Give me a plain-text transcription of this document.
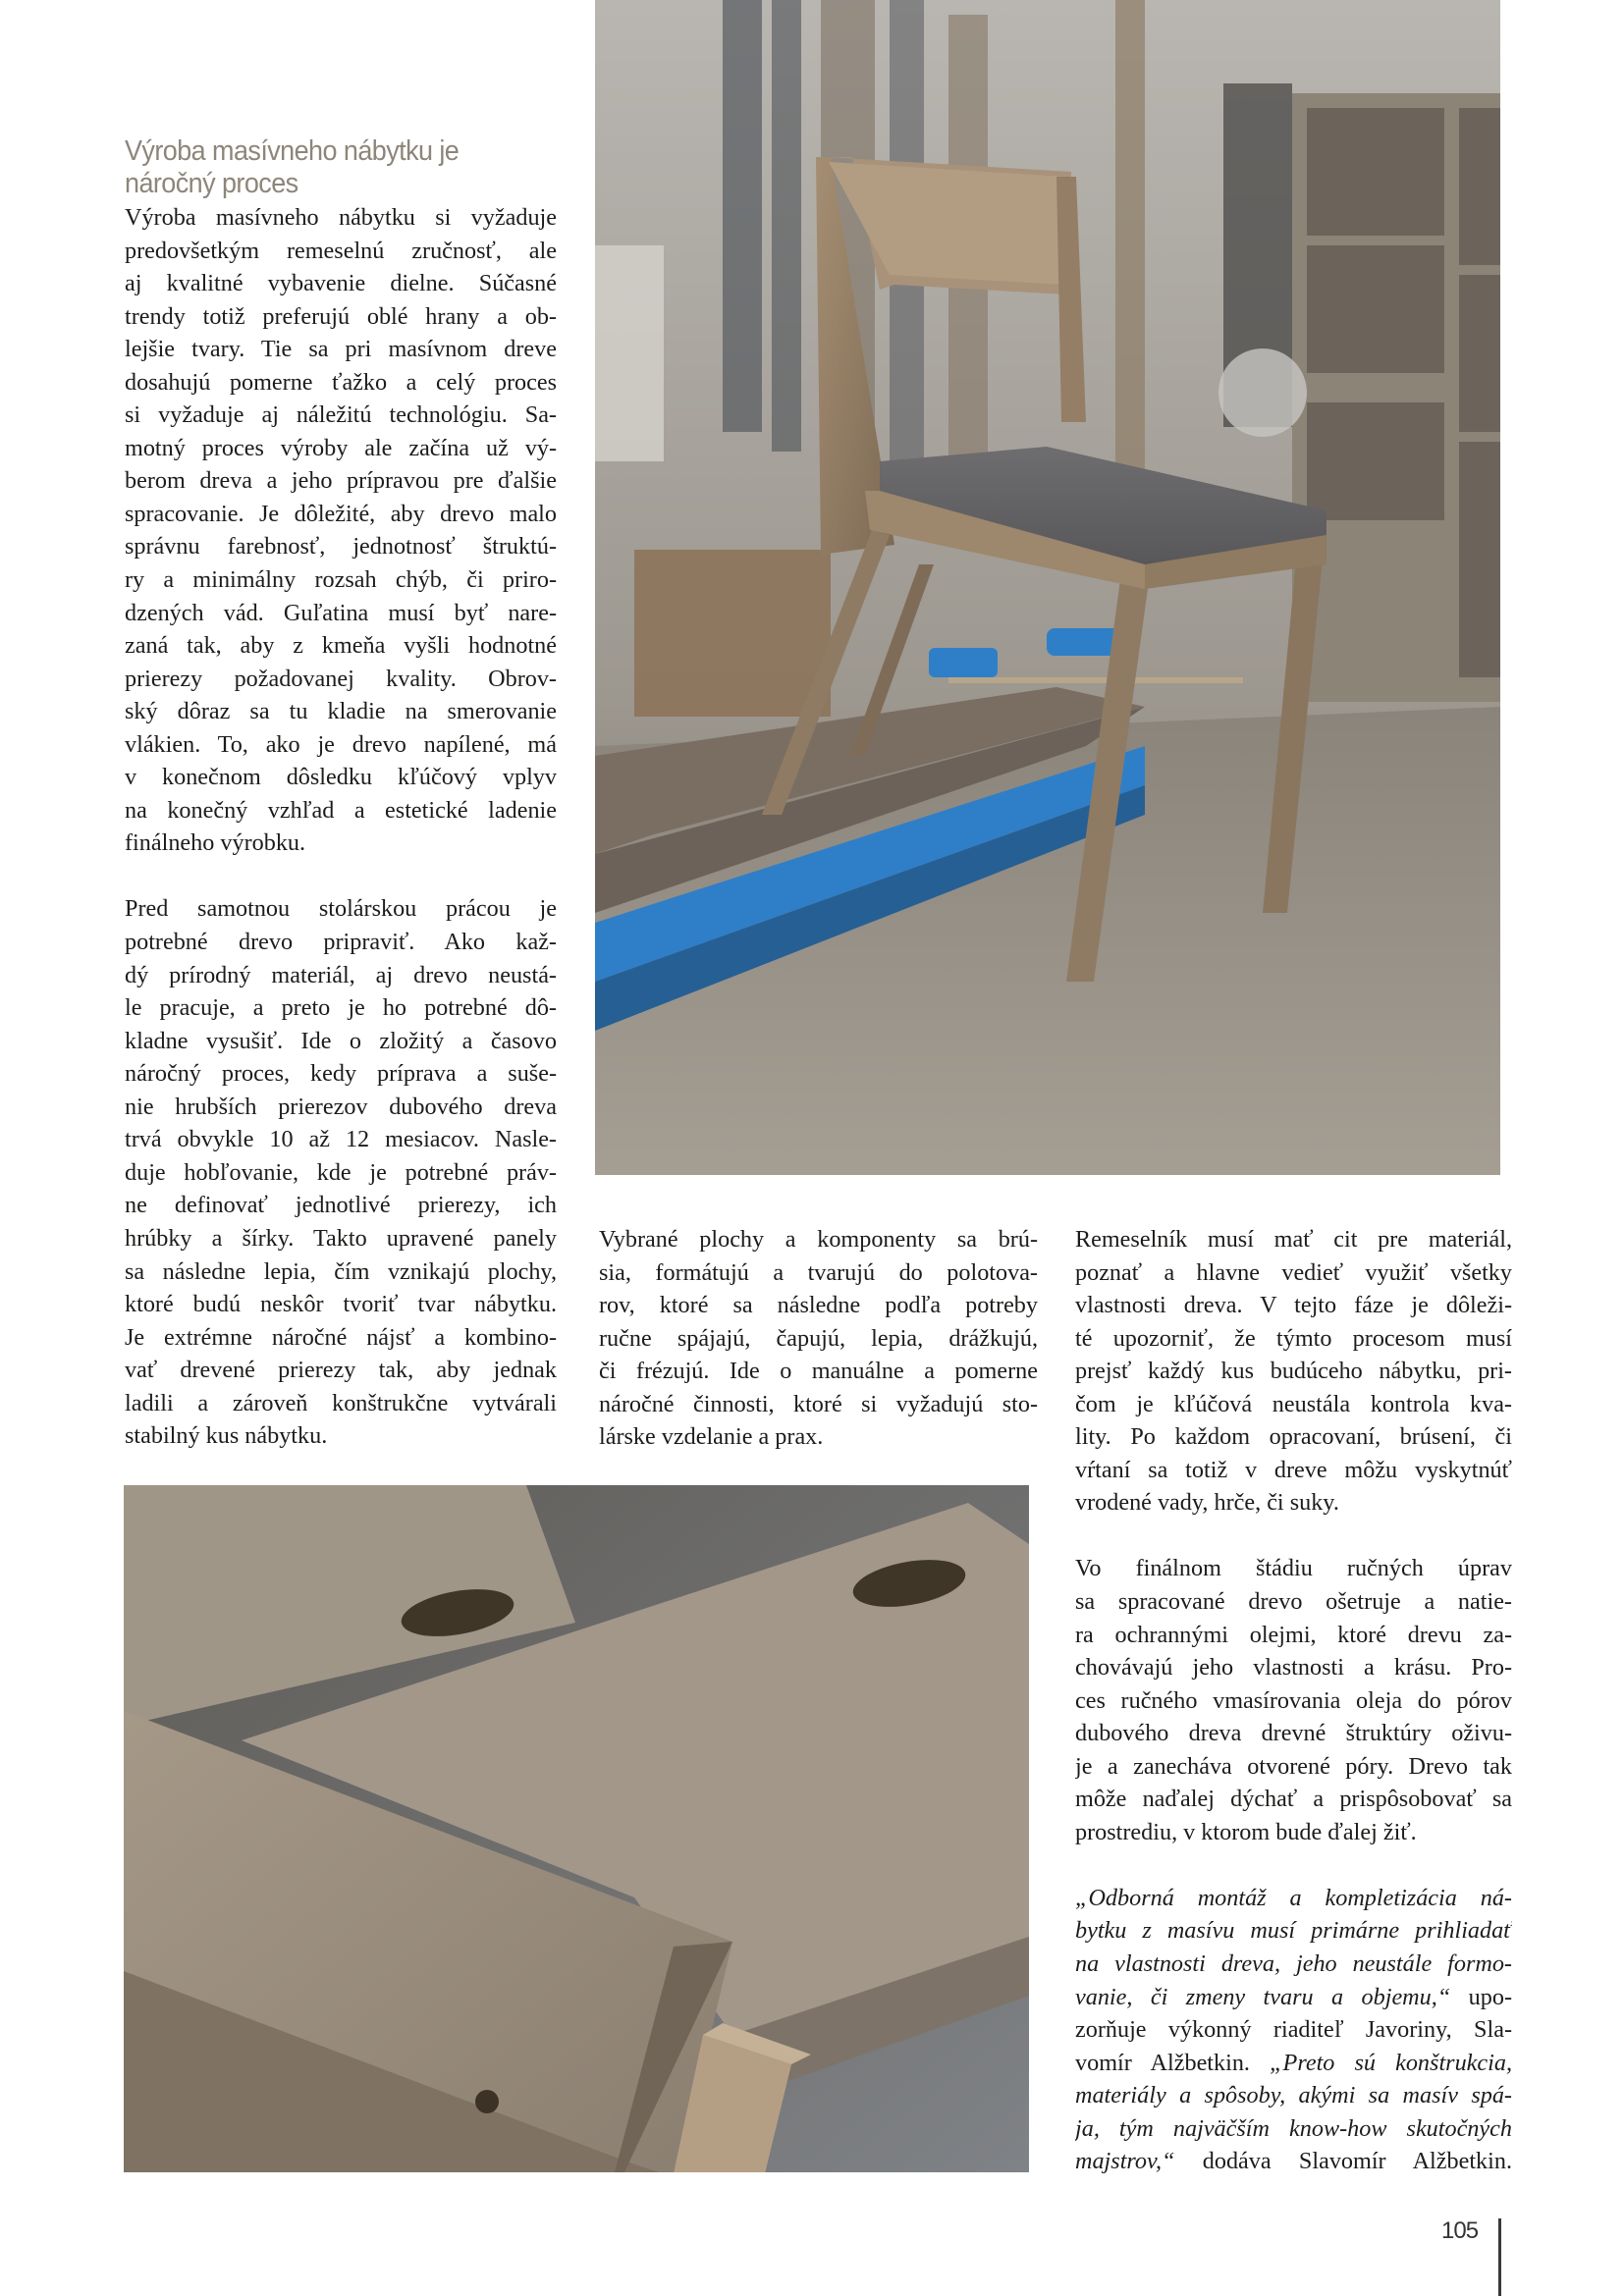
Výroba masívneho nábytku je
náročný proces
Výroba masívneho nábytku si vyžaduje
predovšetkým remeselnú zručnosť, ale
aj kvalitné vybavenie dielne. Súčasné
trendy totiž preferujú oblé hrany a ob-
lejšie tvary. Tie sa pri masívnom dreve
dosahujú pomerne ťažko a celý proces
si vyžaduje aj náležitú technológiu. Sa-
motný proces výroby ale začína už vý-
berom dreva a jeho prípravou pre ďalšie
spracovanie. Je dôležité, aby drevo malo
správnu farebnosť, jednotnosť štruktú-
ry a minimálny rozsah chýb, či priro-
dzených vád. Guľatina musí byť nare-
zaná tak, aby z kmeňa vyšli hodnotné
prierezy požadovanej kvality. Obrov-
ský dôraz sa tu kladie na smerovanie
vlákien. To, ako je drevo napílené, má
v konečnom dôsledku kľúčový vplyv
na konečný vzhľad a estetické ladenie
finálneho výrobku.
Pred samotnou stolárskou prácou je
potrebné drevo pripraviť. Ako kaž-
dý prírodný materiál, aj drevo neustá-
le pracuje, a preto je ho potrebné dô-
kladne vysušiť. Ide o zložitý a časovo
náročný proces, kedy príprava a suše-
nie hrubších prierezov dubového dreva
trvá obvykle 10 až 12 mesiacov. Nasle-
duje hobľovanie, kde je potrebné práv-
ne definovať jednotlivé prierezy, ich
hrúbky a šírky. Takto upravené panely
sa následne lepia, čím vznikajú plochy,
ktoré budú neskôr tvoriť tvar nábytku.
Je extrémne náročné nájsť a kombino-
vať drevené prierezy tak, aby jednak
ladili a zároveň konštrukčne vytvárali
stabilný kus nábytku.
Vybrané plochy a komponenty sa brú-
sia, formátujú a tvarujú do polotova-
rov, ktoré sa následne podľa potreby
ručne spájajú, čapujú, lepia, drážkujú,
či frézujú. Ide o manuálne a pomerne
náročné činnosti, ktoré si vyžadujú sto-
lárske vzdelanie a prax.
Remeselník musí mať cit pre materiál,
poznať a hlavne vedieť využiť všetky
vlastnosti dreva. V tejto fáze je dôleži-
té upozorniť, že týmto procesom musí
prejsť každý kus budúceho nábytku, pri-
čom je kľúčová neustála kontrola kva-
lity. Po každom opracovaní, brúsení, či
vŕtaní sa totiž v dreve môžu vyskytnúť
vrodené vady, hrče, či suky.
Vo finálnom štádiu ručných úprav
sa spracované drevo ošetruje a natie-
ra ochrannými olejmi, ktoré drevu za-
chovávajú jeho vlastnosti a krásu. Pro-
ces ručného vmasírovania oleja do pórov
dubového dreva drevné štruktúry oživu-
je a zanecháva otvorené póry. Drevo tak
môže naďalej dýchať a prispôsobovať sa
prostrediu, v ktorom bude ďalej žiť.
„Odborná montáž a kompletizácia ná-
bytku z masívu musí primárne prihliadať
na vlastnosti dreva, jeho neustále formo-
vanie, či zmeny tvaru a objemu,“ upo-
zorňuje výkonný riaditeľ Javoriny, Sla-
vomír Alžbetkin. „Preto sú konštrukcia,
materiály a spôsoby, akými sa masív spá-
ja, tým najväčším know-how skutočných
majstrov,“ dodáva Slavomír Alžbetkin.
105
